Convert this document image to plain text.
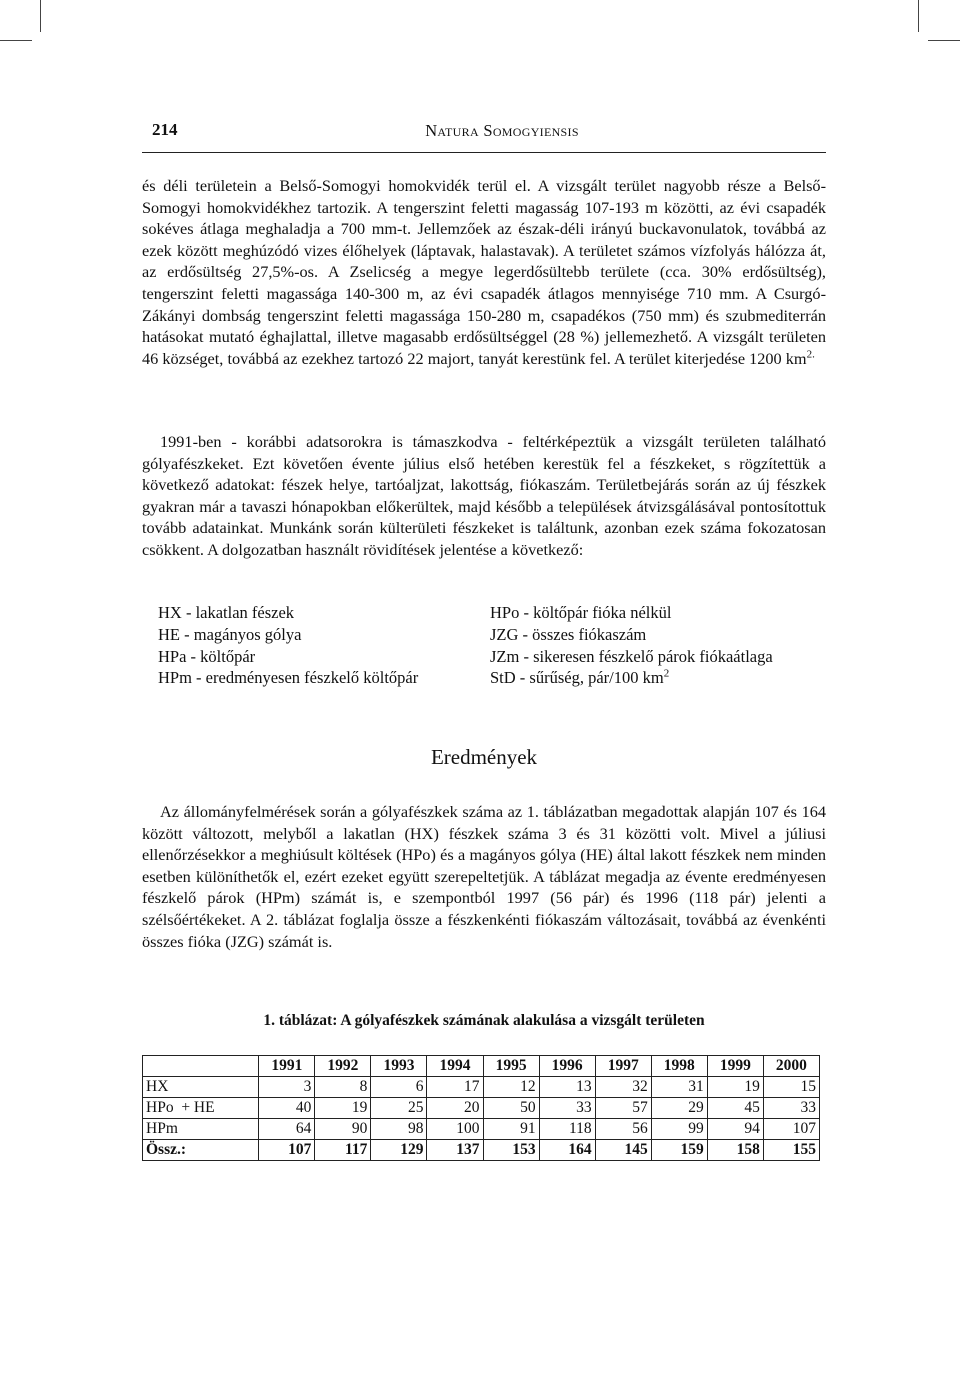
214	Natura Somogyiensis

és déli területein a Belső-Somogyi homokvidék terül el. A vizsgált terület nagyobb része a Belső-Somogyi homokvidékhez tartozik. A tengerszint feletti magasság 107-193 m közötti, az évi csapadék sokéves átlaga meghaladja a 700 mm-t. Jellemzőek az észak-déli irányú buckavonulatok, továbbá az ezek között meghúzódó vizes élőhelyek (láptavak, halastavak). A területet számos vízfolyás hálózza át, az erdősültség 27,5%-os. A Zselicség a megye legerdősültebb területe (cca. 30% erdősültség), tengerszint feletti magassága 140-300 m, az évi csapadék átlagos mennyisége 710 mm. A Csurgó-Zákányi dombság tengerszint feletti magassága 150-280 m, csapadékos (750 mm) és szubmediterrán hatásokat mutató éghajlattal, illetve magasabb erdősültséggel (28 %) jellemezhető. A vizsgált területen 46 községet, továbbá az ezekhez tartozó 22 majort, tanyát kerestünk fel. A terület kiterjedése 1200 $km^{2.}$

1991-ben - korábbi adatsorokra is támaszkodva - feltérképeztük a vizsgált területen található gólyafészkeket. Ezt követően évente július első hetében kerestük fel a fészkeket, s rögzítettük a következő adatokat: fészek helye, tartóaljzat, lakottság, fiókaszám. Területbejárás során az új fészkek gyakran már a tavaszi hónapokban előkerültek, majd később a települések átvizsgálásával pontosítottuk tovább adatainkat. Munkánk során külterületi fészkeket is találtunk, azonban ezek száma fokozatosan csökkent. A dolgozatban használt rövidítések jelentése a következő:

HX - lakatlan fészek	HPo - költőpár fióka nélkül
HE - magányos gólya	JZG - összes fiókaszám
HPa - költőpár	JZm - sikeresen fészkelő párok fiókaátlaga
HPm - eredményesen fészkelő költőpár	StD - sűrűség, pár/100 $km^2$
Eredmények

Az állományfelmérések során a gólyafészkek száma az 1. táblázatban megadottak alapján 107 és 164 között változott, melyből a lakatlan (HX) fészkek száma 3 és 31 közötti volt. Mivel a júliusi ellenőrzésekkor a meghiúsult költések (HPo) és a magányos gólya (HE) által lakott fészkek nem minden esetben különíthetők el, ezért ezeket együtt szerepeltetjük. A táblázat megadja az évente eredményesen fészkelő párok (HPm) számát is, e szempontból 1997 (56 pár) és 1996 (118 pár) jelenti a szélsőértékeket. A 2. táblázat foglalja össze a fészkenkénti fiókaszám változásait, továbbá az évenkénti összes fióka (JZG) számát is.

1. táblázat: A gólyafészkek számának alakulása a vizsgált területen
	1991	1992	1993	1994	1995	1996	1997	1998	1999	2000
HX	3	8	6	17	12	13	32	31	19	15
HPo  + HE	40	19	25	20	50	33	57	29	45	33
HPm	64	90	98	100	91	118	56	99	94	107
Össz.:	107	117	129	137	153	164	145	159	158	155
